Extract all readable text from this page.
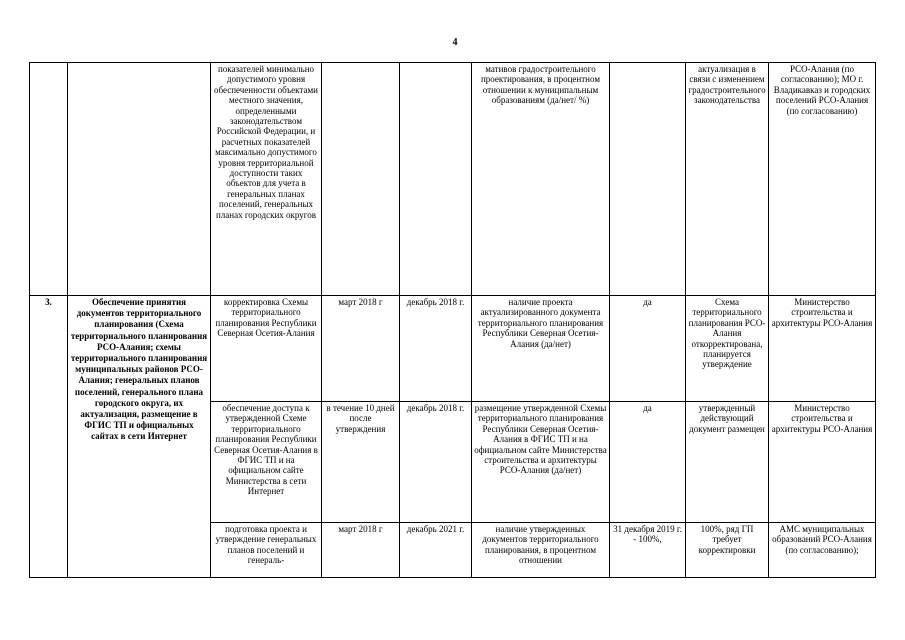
4
		показателей минимально допустимого уровня обеспеченности объектами местного значения, определенными законодательством Российской Федерации, и расчетных показателей максимально допустимого уровня территориальной доступности таких объектов для учета в генеральных планах поселений, генеральных планах городских округов			мативов градостроительного проектирования, в процентном отношении к муниципальным образованиям (да/нет/ %)		актуализация в связи с изменением градостроительного законодательства	РСО-Алания (по согласованию); МО г. Владикавказ и городских поселений РСО-Алания (по согласованию)
3.	Обеспечение принятия документов территориального планирования (Схема территориального планирования РСО-Алания; схемы территориального планирования муниципальных районов РСО-Алания; генеральных планов поселений, генерального плана городского округа, их актуализация, размещение в ФГИС ТП и официальных сайтах в сети Интернет	корректировка Схемы территориального планирования Республики Северная Осетия-Алания	март 2018 г	декабрь 2018 г.	наличие проекта актуализированного документа территориального планирования Республики Северная Осетия-Алания (да/нет)	да	Схема территориального планирования РСО-Алания откорректирована, планируется утверждение	Министерство строительства и архитектуры РСО-Алания
		обеспечение доступа к утвержденной Схеме территориального планирования Республики Северная Осетия-Алания в ФГИС ТП и на официальном сайте Министерства в сети Интернет	в течение 10 дней после утверждения	декабрь 2018 г.	размещение утвержденной Схемы территориального планирования Республики Северная Осетия-Алания в ФГИС ТП и на официальном сайте Министерства строительства и архитектуры РСО-Алания (да/нет)	да	утвержденный действующий документ размещен	Министерство строительства и архитектуры РСО-Алания

		подготовка проекта и утверждение генеральных планов поселений и генераль-	март 2018 г	декабрь 2021 г.	наличие утвержденных документов территориального планирования, в процентном отношении	31 декабря 2019 г. - 100%,	100%, ряд ГП требует корректировки	АМС муниципальных образований РСО-Алания (по согласованию);
